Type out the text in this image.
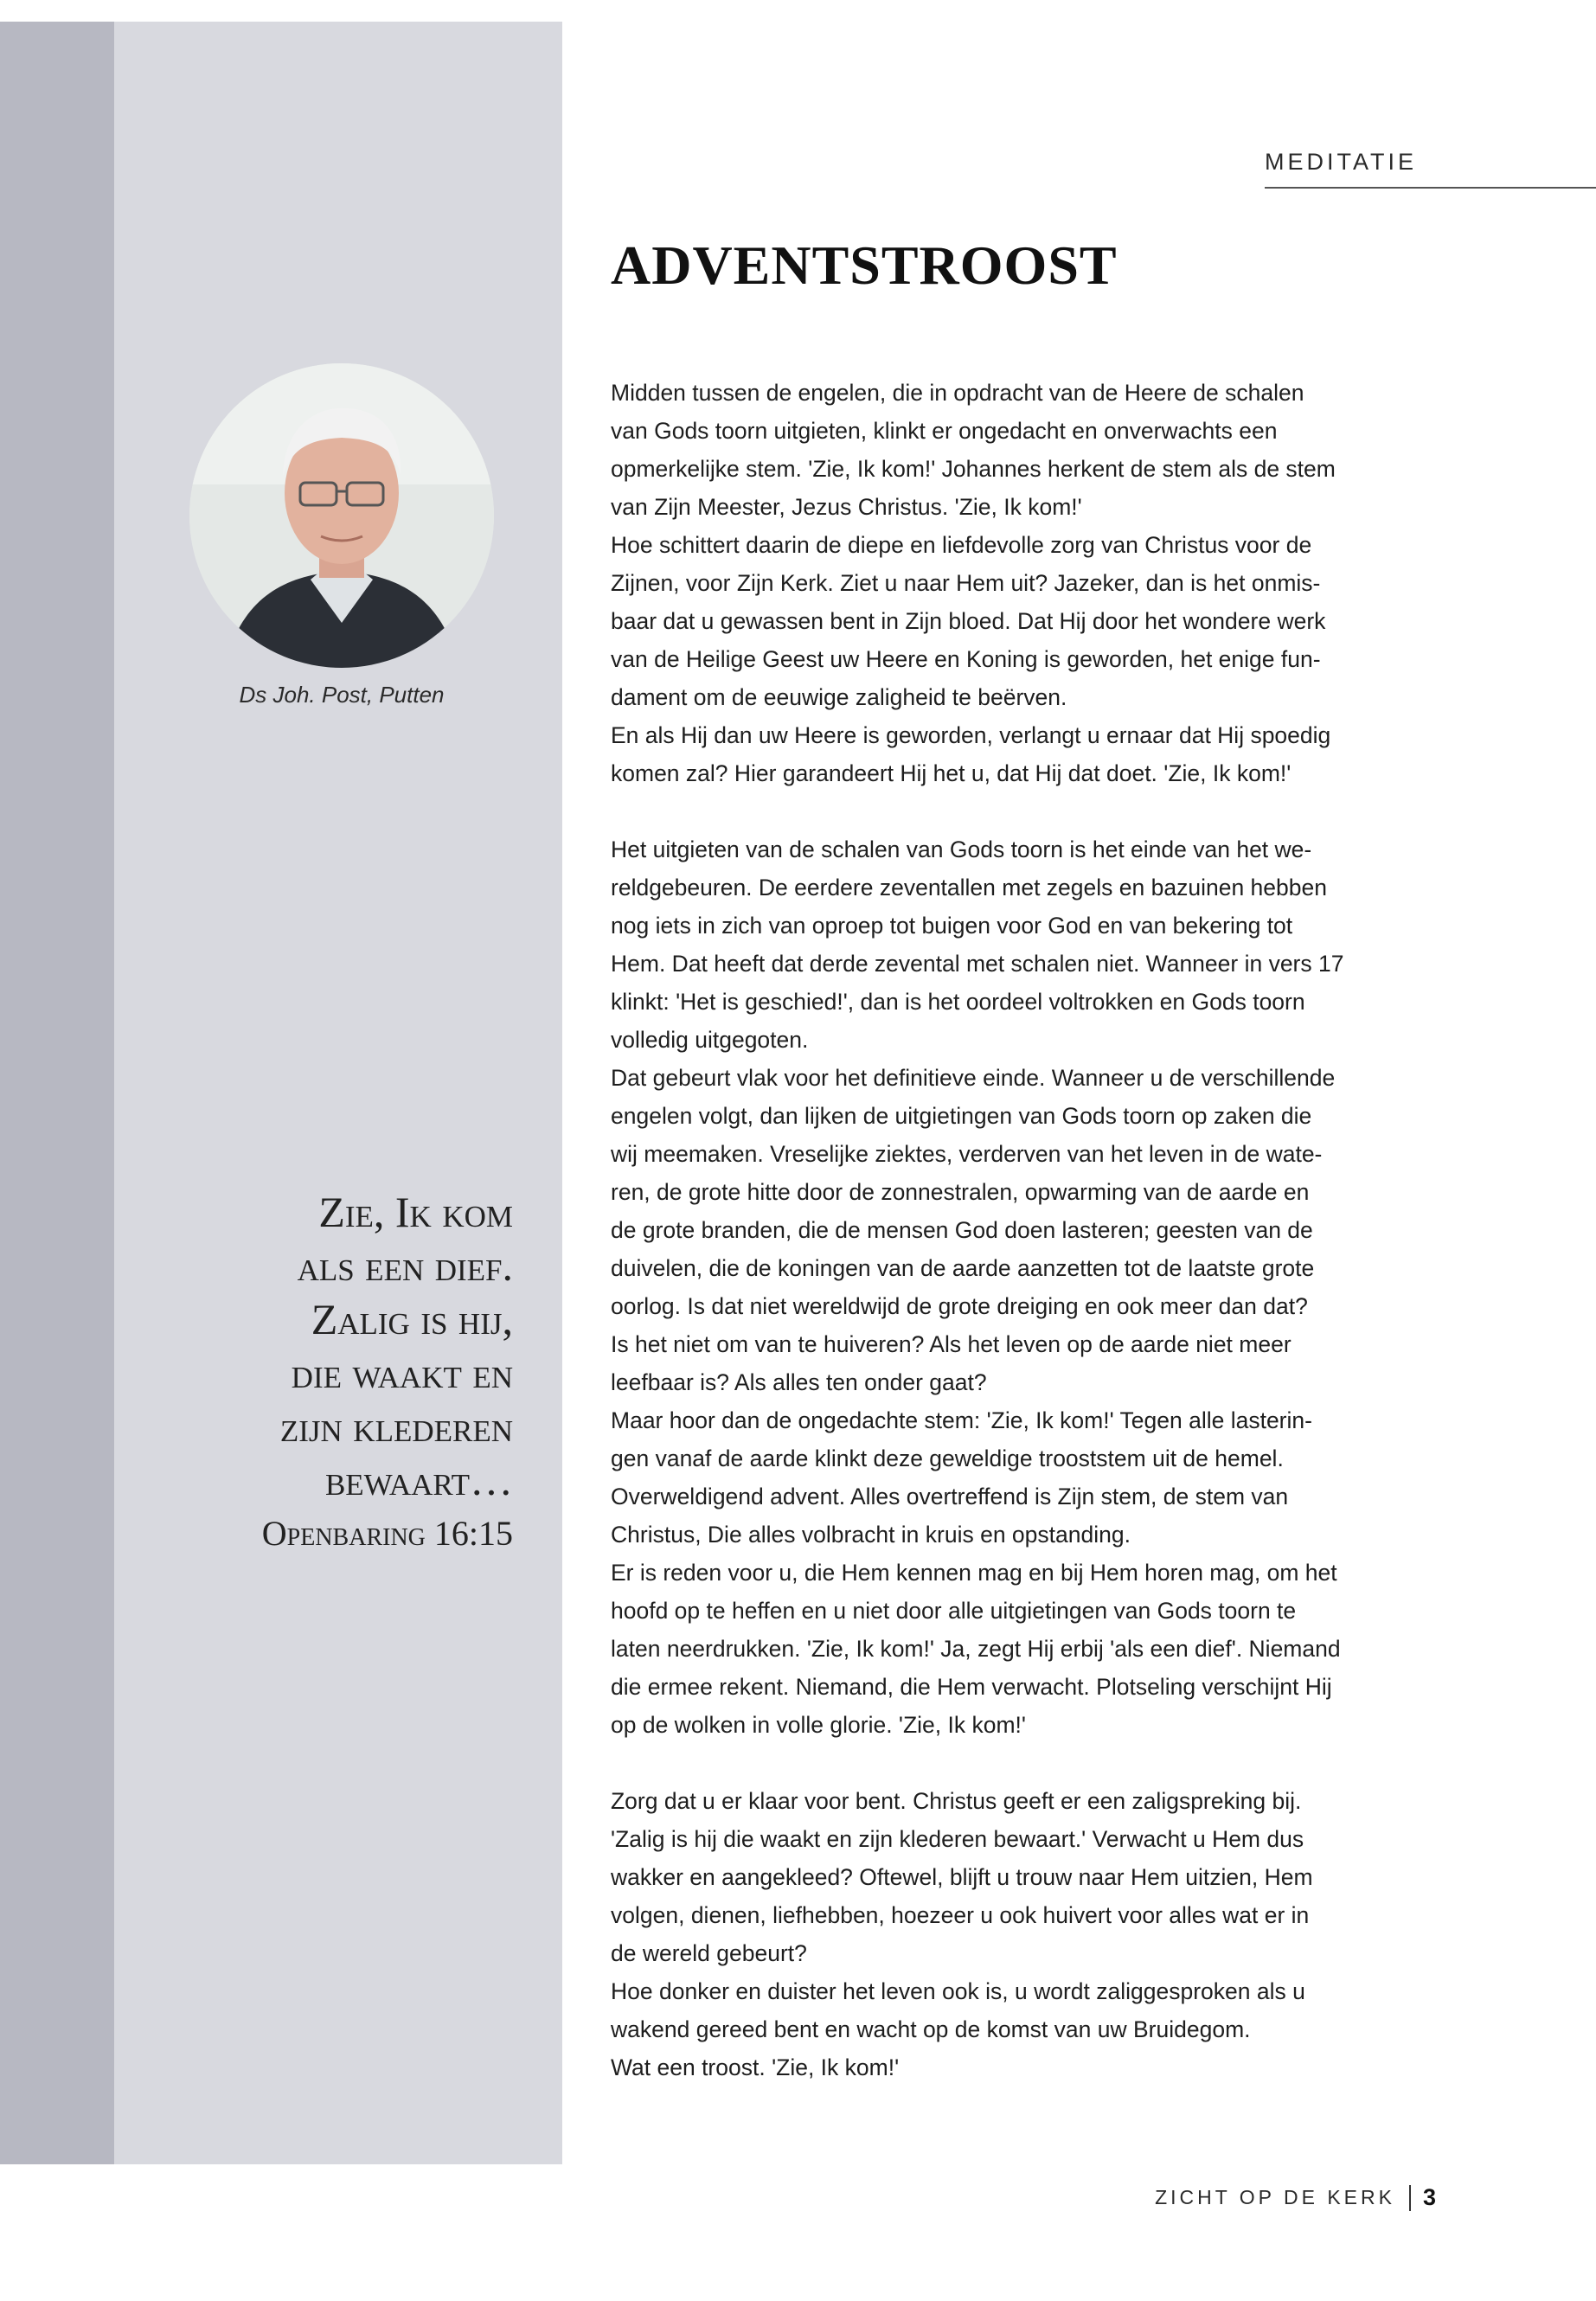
MEDITATIE
ADVENTSTROOST
Ds Joh. Post, Putten
Zie, Ik kom
als een dief.
Zalig is hij,
die waakt en
zijn klederen
bewaart…
Openbaring 16:15

Midden tussen de engelen, die in opdracht van de Heere de schalen
van Gods toorn uitgieten, klinkt er ongedacht en onverwachts een
opmerkelijke stem. 'Zie, Ik kom!' Johannes herkent de stem als de stem
van Zijn Meester, Jezus Christus. 'Zie, Ik kom!'
Hoe schittert daarin de diepe en liefdevolle zorg van Christus voor de
Zijnen, voor Zijn Kerk. Ziet u naar Hem uit? Jazeker, dan is het onmis-
baar dat u gewassen bent in Zijn bloed. Dat Hij door het wondere werk
van de Heilige Geest uw Heere en Koning is geworden, het enige fun-
dament om de eeuwige zaligheid te beërven.
En als Hij dan uw Heere is geworden, verlangt u ernaar dat Hij spoedig
komen zal? Hier garandeert Hij het u, dat Hij dat doet. 'Zie, Ik kom!'

Het uitgieten van de schalen van Gods toorn is het einde van het we-
reldgebeuren. De eerdere zeventallen met zegels en bazuinen hebben
nog iets in zich van oproep tot buigen voor God en van bekering tot
Hem. Dat heeft dat derde zevental met schalen niet. Wanneer in vers 17
klinkt: 'Het is geschied!', dan is het oordeel voltrokken en Gods toorn
volledig uitgegoten.
Dat gebeurt vlak voor het definitieve einde. Wanneer u de verschillende
engelen volgt, dan lijken de uitgietingen van Gods toorn op zaken die
wij meemaken. Vreselijke ziektes, verderven van het leven in de wate-
ren, de grote hitte door de zonnestralen, opwarming van de aarde en
de grote branden, die de mensen God doen lasteren; geesten van de
duivelen, die de koningen van de aarde aanzetten tot de laatste grote
oorlog. Is dat niet wereldwijd de grote dreiging en ook meer dan dat?
Is het niet om van te huiveren? Als het leven op de aarde niet meer
leefbaar is? Als alles ten onder gaat?
Maar hoor dan de ongedachte stem: 'Zie, Ik kom!' Tegen alle lasterin-
gen vanaf de aarde klinkt deze geweldige trooststem uit de hemel.
Overweldigend advent. Alles overtreffend is Zijn stem, de stem van
Christus, Die alles volbracht in kruis en opstanding.
Er is reden voor u, die Hem kennen mag en bij Hem horen mag, om het
hoofd op te heffen en u niet door alle uitgietingen van Gods toorn te
laten neerdrukken. 'Zie, Ik kom!' Ja, zegt Hij erbij 'als een dief'. Niemand
die ermee rekent. Niemand, die Hem verwacht. Plotseling verschijnt Hij
op de wolken in volle glorie. 'Zie, Ik kom!'

Zorg dat u er klaar voor bent. Christus geeft er een zaligspreking bij.
'Zalig is hij die waakt en zijn klederen bewaart.' Verwacht u Hem dus
wakker en aangekleed? Oftewel, blijft u trouw naar Hem uitzien, Hem
volgen, dienen, liefhebben, hoezeer u ook huivert voor alles wat er in
de wereld gebeurt?
Hoe donker en duister het leven ook is, u wordt zaliggesproken als u
wakend gereed bent en wacht op de komst van uw Bruidegom.
Wat een troost. 'Zie, Ik kom!'

ZICHT OP DE KERK 3
